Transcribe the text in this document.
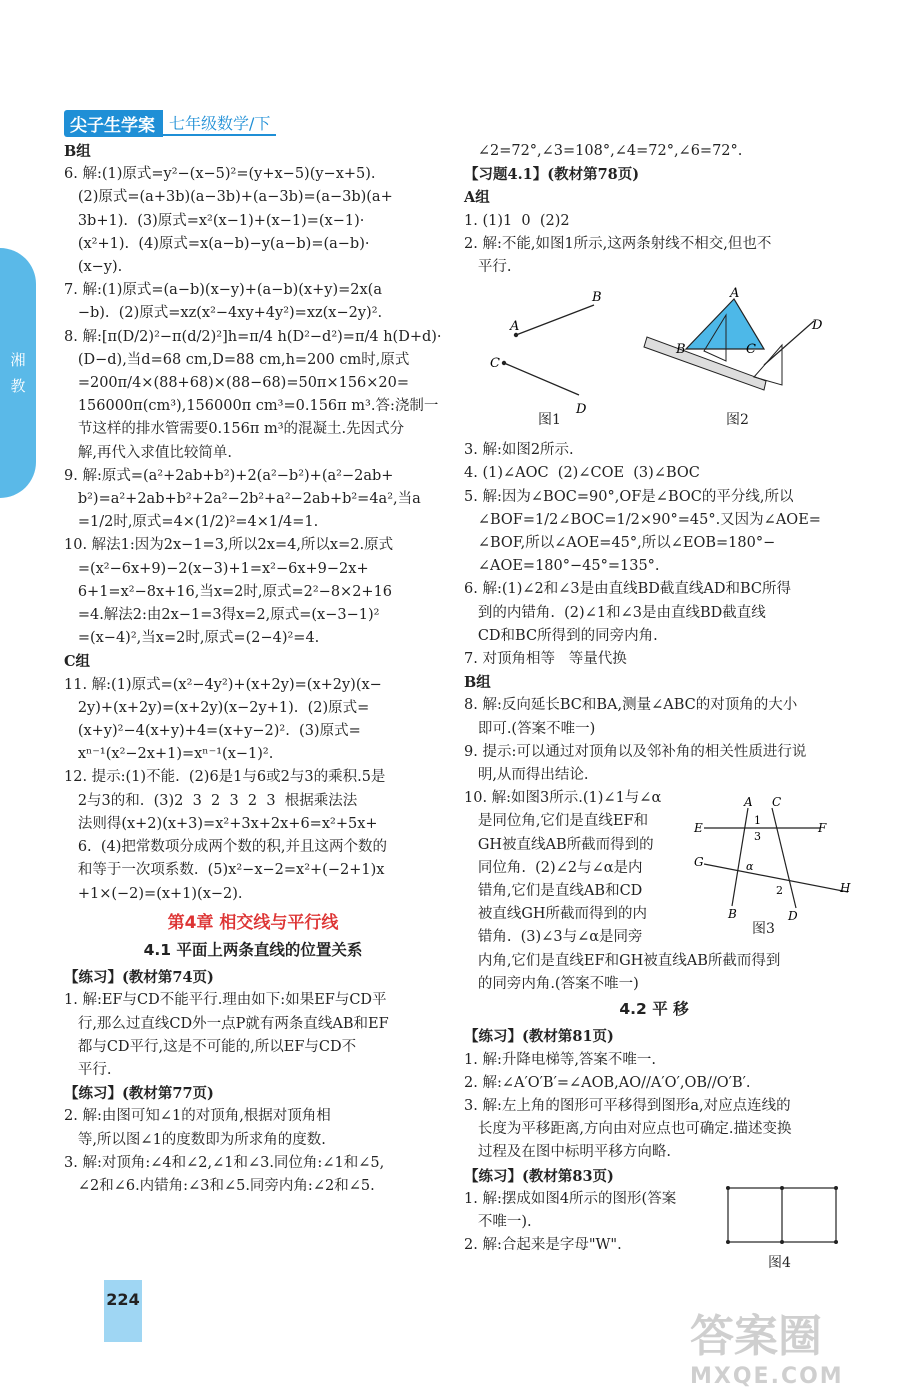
尖子生学案 七年级数学/下
湘
教

B组

6. 解:(1)原式=y²−(x−5)²=(y+x−5)(y−x+5).

(2)原式=(a+3b)(a−3b)+(a−3b)=(a−3b)(a+

3b+1).  (3)原式=x²(x−1)+(x−1)=(x−1)·

(x²+1).  (4)原式=x(a−b)−y(a−b)=(a−b)·

(x−y).

7. 解:(1)原式=(a−b)(x−y)+(a−b)(x+y)=2x(a

−b).  (2)原式=xz(x²−4xy+4y²)=xz(x−2y)².

8. 解:[π(D/2)²−π(d/2)²]h=π/4 h(D²−d²)=π/4 h(D+d)·

(D−d),当d=68 cm,D=88 cm,h=200 cm时,原式

=200π/4×(88+68)×(88−68)=50π×156×20=

156000π(cm³),156000π cm³=0.156π m³.答:浇制一

节这样的排水管需要0.156π m³的混凝土.先因式分

解,再代入求值比较简单.

9. 解:原式=(a²+2ab+b²)+2(a²−b²)+(a²−2ab+

b²)=a²+2ab+b²+2a²−2b²+a²−2ab+b²=4a²,当a

=1/2时,原式=4×(1/2)²=4×1/4=1.

10. 解法1:因为2x−1=3,所以2x=4,所以x=2.原式

=(x²−6x+9)−2(x−3)+1=x²−6x+9−2x+

6+1=x²−8x+16,当x=2时,原式=2²−8×2+16

=4.解法2:由2x−1=3得x=2,原式=(x−3−1)²

=(x−4)²,当x=2时,原式=(2−4)²=4.

C组

11. 解:(1)原式=(x²−4y²)+(x+2y)=(x+2y)(x−

2y)+(x+2y)=(x+2y)(x−2y+1).  (2)原式=

(x+y)²−4(x+y)+4=(x+y−2)².  (3)原式=

xⁿ⁻¹(x²−2x+1)=xⁿ⁻¹(x−1)².

12. 提示:(1)不能.  (2)6是1与6或2与3的乘积.5是

2与3的和.  (3)2  3  2  3  2  3  根据乘法法

法则得(x+2)(x+3)=x²+3x+2x+6=x²+5x+

6.  (4)把常数项分成两个数的积,并且这两个数的

和等于一次项系数.  (5)x²−x−2=x²+(−2+1)x

+1×(−2)=(x+1)(x−2).

第4章 相交线与平行线
4.1 平面上两条直线的位置关系

【练习】(教材第74页)

1. 解:EF与CD不能平行.理由如下:如果EF与CD平

行,那么过直线CD外一点P就有两条直线AB和EF

都与CD平行,这是不可能的,所以EF与CD不

平行.

【练习】(教材第77页)

2. 解:由图可知∠1的对顶角,根据对顶角相

等,所以图∠1的度数即为所求角的度数.

3. 解:对顶角:∠4和∠2,∠1和∠3.同位角:∠1和∠5,

∠2和∠6.内错角:∠3和∠5.同旁内角:∠2和∠5.

∠2=72°,∠3=108°,∠4=72°,∠6=72°.

【习题4.1】(教材第78页)

A组

1. (1)1  0  (2)2

2. 解:不能,如图1所示,这两条射线不相交,但也不

平行.

A
B
C
D
A
B	C
D
图1	图2

3. 解:如图2所示.

4. (1)∠AOC  (2)∠COE  (3)∠BOC

5. 解:因为∠BOC=90°,OF是∠BOC的平分线,所以

∠BOF=1/2∠BOC=1/2×90°=45°.又因为∠AOE=

∠BOF,所以∠AOE=45°,所以∠EOB=180°−

∠AOE=180°−45°=135°.

6. 解:(1)∠2和∠3是由直线BD截直线AD和BC所得

到的内错角.  (2)∠1和∠3是由直线BD截直线

CD和BC所得到的同旁内角.

7. 对顶角相等   等量代换

B组

8. 解:反向延长BC和BA,测量∠ABC的对顶角的大小

即可.(答案不唯一)

9. 提示:可以通过对顶角以及邻补角的相关性质进行说

明,从而得出结论.

10. 解:如图3所示.(1)∠1与∠α

是同位角,它们是直线EF和

GH被直线AB所截而得到的

同位角.  (2)∠2与∠α是内

错角,它们是直线AB和CD

被直线GH所截而得到的内

错角.  (3)∠3与∠α是同旁

内角,它们是直线EF和GH被直线AB所截而得到

的同旁内角.(答案不唯一)

4.2 平 移

【练习】(教材第81页)

1. 解:升降电梯等,答案不唯一.

2. 解:∠A′O′B′=∠AOB,AO//A′O′,OB//O′B′.

3. 解:左上角的图形可平移得到图形a,对应点连线的

长度为平移距离,方向由对应点也可确定.描述变换

过程及在图中标明平移方向略.

【练习】(教材第83页)

1. 解:摆成如图4所示的图形(答案

不唯一).

2. 解:合起来是字母"W".

A C
E	F
G
H
B	D
1
3
α
2
图3
图4
224
答案圈
MXQE.COM
